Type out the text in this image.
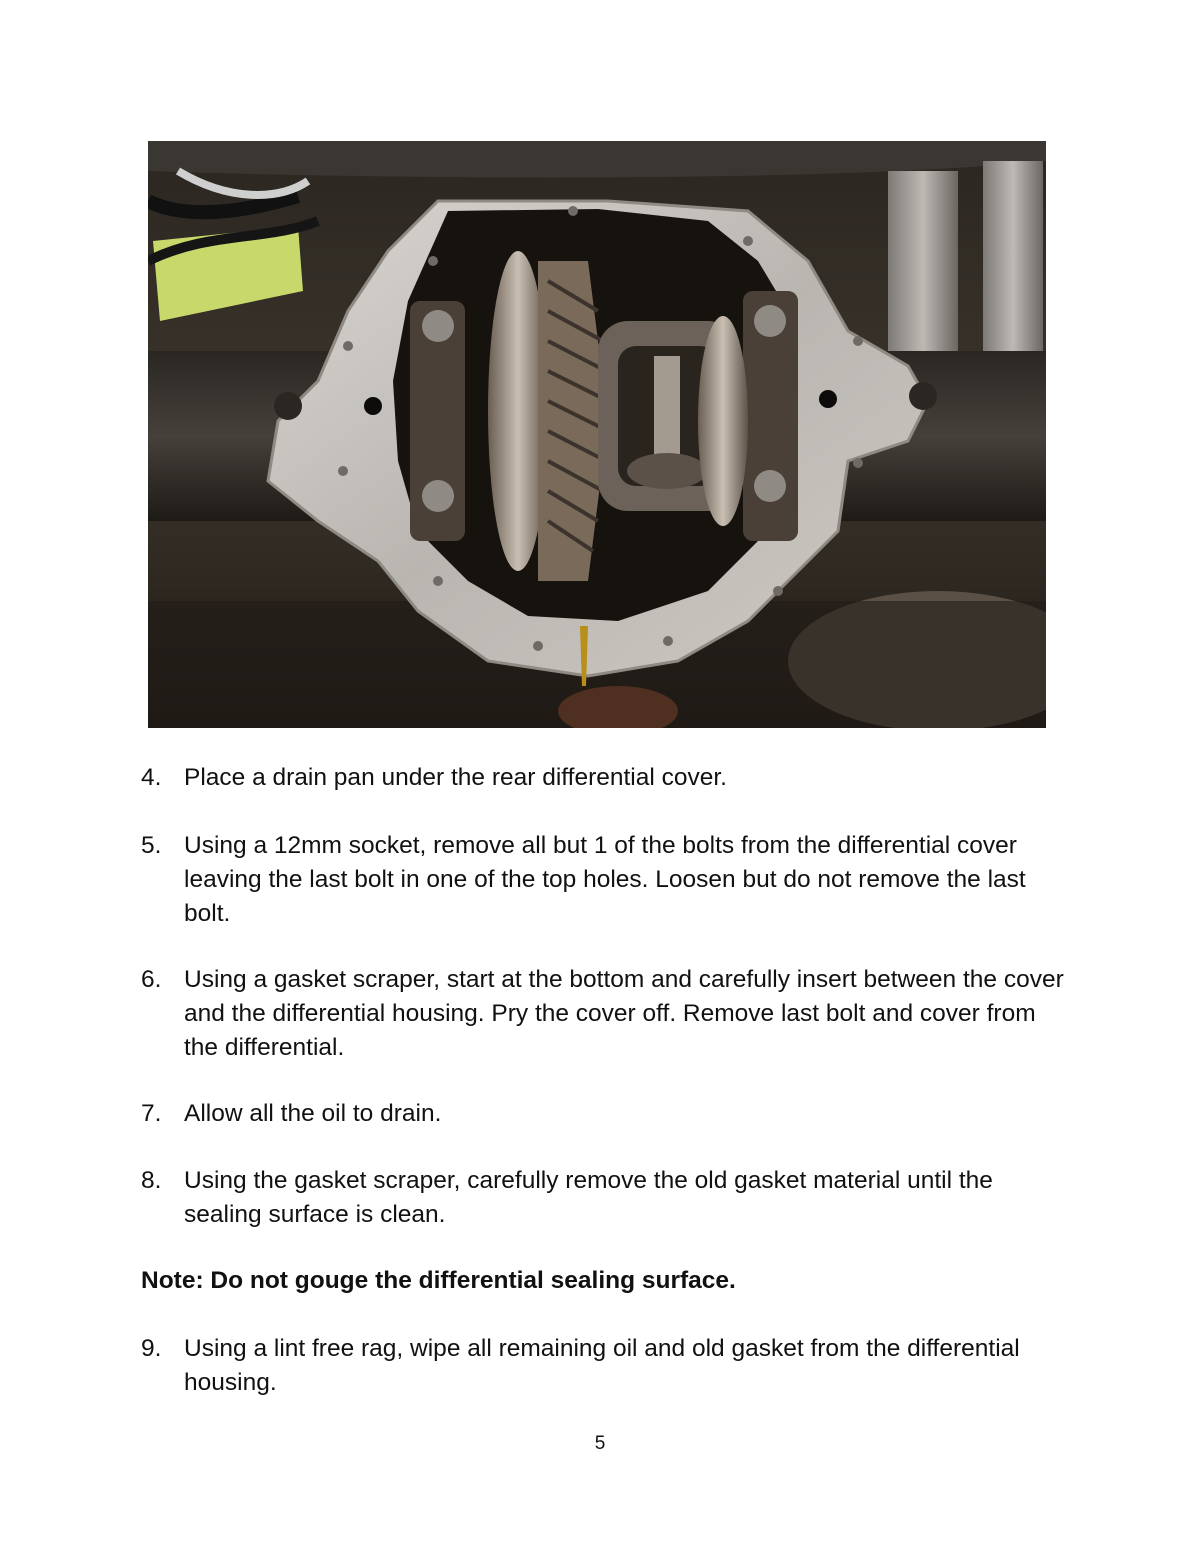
4. Place a drain pan under the rear differential cover.
5. Using a 12mm socket, remove all but 1 of the bolts from the differential cover leaving the last bolt in one of the top holes. Loosen but do not remove the last bolt.
6. Using a gasket scraper, start at the bottom and carefully insert between the cover and the differential housing. Pry the cover off. Remove last bolt and cover from the differential.
7. Allow all the oil to drain.
8. Using the gasket scraper, carefully remove the old gasket material until the sealing surface is clean.
9. Using a lint free rag, wipe all remaining oil and old gasket from the differential housing.
Note: Do not gouge the differential sealing surface.
5
